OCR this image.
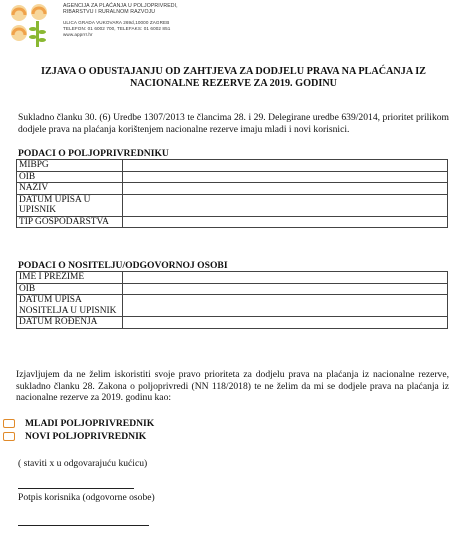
AGENCIJA ZA PLAĆANJA U POLJOPRIVREDI,
RIBARSTVU I RURALNOM RAZVOJU
ULICA GRADA VUKOVARA 269d,10000 ZAGREB
TELEFON: 01 6002 700, TELEFAKS: 01 6002 851
www.apprrr.hr
IZJAVA O ODUSTAJANJU OD ZAHTJEVA ZA DODJELU PRAVA NA PLAĆANJA IZ
NACIONALNE REZERVE ZA 2019. GODINU
Sukladno članku 30. (6) Uredbe 1307/2013 te člancima 28. i 29. Delegirane uredbe 639/2014, prioritet prilikom dodjele prava na plaćanja korištenjem nacionalne rezerve imaju mladi i novi korisnici.
PODACI O POLJOPRIVREDNIKU
MIBPG	
OIB	
NAZIV	
DATUM UPISA U UPISNIK	
TIP GOSPODARSTVA	
PODACI O NOSITELJU/ODGOVORNOJ OSOBI
IME I PREZIME	
OIB	
DATUM UPISA NOSITELJA U UPISNIK	
DATUM ROĐENJA	
Izjavljujem da ne želim iskoristiti svoje pravo prioriteta za dodjelu prava na plaćanja iz nacionalne rezerve, sukladno članku 28. Zakona o poljoprivredi (NN 118/2018) te ne želim da mi se dodjele prava na plaćanja iz nacionalne rezerve za 2019. godinu kao:
MLADI POLJOPRIVREDNIK
NOVI POLJOPRIVREDNIK
( staviti x u odgovarajuću kućicu)
Potpis korisnika (odgovorne osobe)
